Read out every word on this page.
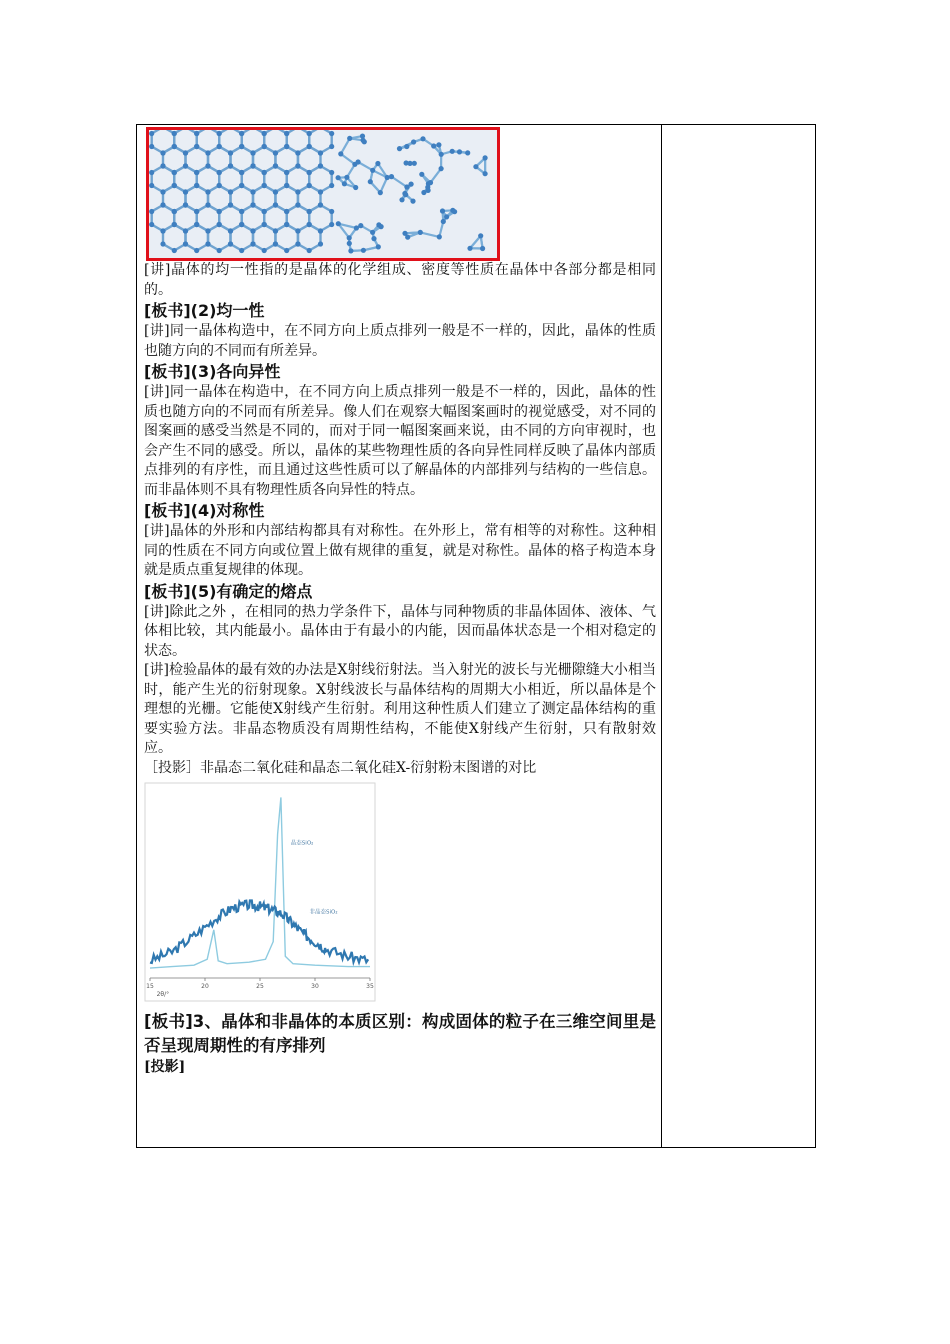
[讲]晶体的均一性指的是晶体的化学组成、密度等性质在晶体中各部分都是相同的。

[板书](2)均一性

[讲]同一晶体构造中，在不同方向上质点排列一般是不一样的，因此，晶体的性质也随方向的不同而有所差异。

[板书](3)各向异性

[讲]同一晶体在构造中，在不同方向上质点排列一般是不一样的，因此，晶体的性质也随方向的不同而有所差异。像人们在观察大幅图案画时的视觉感受，对不同的图案画的感受当然是不同的，而对于同一幅图案画来说，由不同的方向审视时，也会产生不同的感受。所以，晶体的某些物理性质的各向异性同样反映了晶体内部质点排列的有序性，而且通过这些性质可以了解晶体的内部排列与结构的一些信息。而非晶体则不具有物理性质各向异性的特点。

[板书](4)对称性

[讲]晶体的外形和内部结构都具有对称性。在外形上，常有相等的对称性。这种相同的性质在不同方向或位置上做有规律的重复，就是对称性。晶体的格子构造本身就是质点重复规律的体现。

[板书](5)有确定的熔点

[讲]除此之外 ，在相同的热力学条件下，晶体与同种物质的非晶体固体、液体、气体相比较，其内能最小。晶体由于有最小的内能，因而晶体状态是一个相对稳定的状态。

[讲]检验晶体的最有效的办法是X射线衍射法。当入射光的波长与光栅隙缝大小相当时，能产生光的衍射现象。X射线波长与晶体结构的周期大小相近，所以晶体是个理想的光栅。它能使X射线产生衍射。利用这种性质人们建立了测定晶体结构的重要实验方法。非晶态物质没有周期性结构，不能使X射线产生衍射，只有散射效应。

［投影］非晶态二氧化硅和晶态二氧化硅X-衍射粉末图谱的对比

晶态SiO₂
非晶态SiO₂
15	20	25	30	35
2θ/°

[板书]3、晶体和非晶体的本质区别：构成固体的粒子在三维空间里是否呈现周期性的有序排列

[投影]
